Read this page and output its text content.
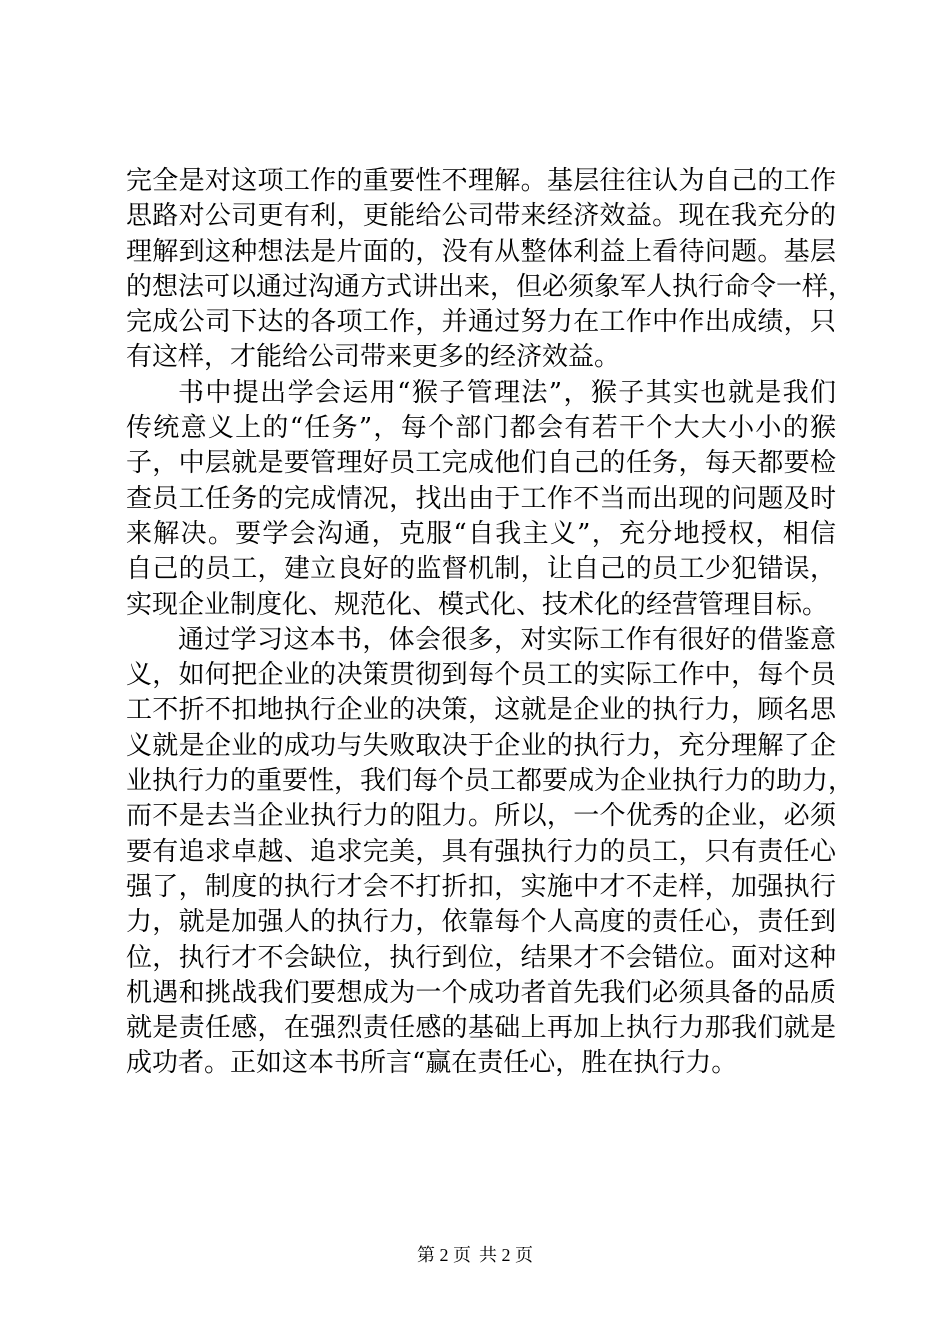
完全是对这项工作的重要性不理解。基层往往认为自己的工作
思路对公司更有利，更能给公司带来经济效益。现在我充分的
理解到这种想法是片面的，没有从整体利益上看待问题。基层
的想法可以通过沟通方式讲出来，但必须象军人执行命令一样，
完成公司下达的各项工作，并通过努力在工作中作出成绩，只
有这样，才能给公司带来更多的经济效益。
书中提出学会运用“猴子管理法”，猴子其实也就是我们
传统意义上的“任务”，每个部门都会有若干个大大小小的猴
子，中层就是要管理好员工完成他们自己的任务，每天都要检
查员工任务的完成情况，找出由于工作不当而出现的问题及时
来解决。要学会沟通，克服“自我主义”，充分地授权，相信
自己的员工，建立良好的监督机制，让自己的员工少犯错误，
实现企业制度化、规范化、模式化、技术化的经营管理目标。
通过学习这本书，体会很多，对实际工作有很好的借鉴意
义，如何把企业的决策贯彻到每个员工的实际工作中，每个员
工不折不扣地执行企业的决策，这就是企业的执行力，顾名思
义就是企业的成功与失败取决于企业的执行力，充分理解了企
业执行力的重要性，我们每个员工都要成为企业执行力的助力，
而不是去当企业执行力的阻力。所以，一个优秀的企业，必须
要有追求卓越、追求完美，具有强执行力的员工，只有责任心
强了，制度的执行才会不打折扣，实施中才不走样，加强执行
力，就是加强人的执行力，依靠每个人高度的责任心，责任到
位，执行才不会缺位，执行到位，结果才不会错位。面对这种
机遇和挑战我们要想成为一个成功者首先我们必须具备的品质
就是责任感，在强烈责任感的基础上再加上执行力那我们就是
成功者。正如这本书所言“赢在责任心，胜在执行力。
第 2 页 共 2 页
